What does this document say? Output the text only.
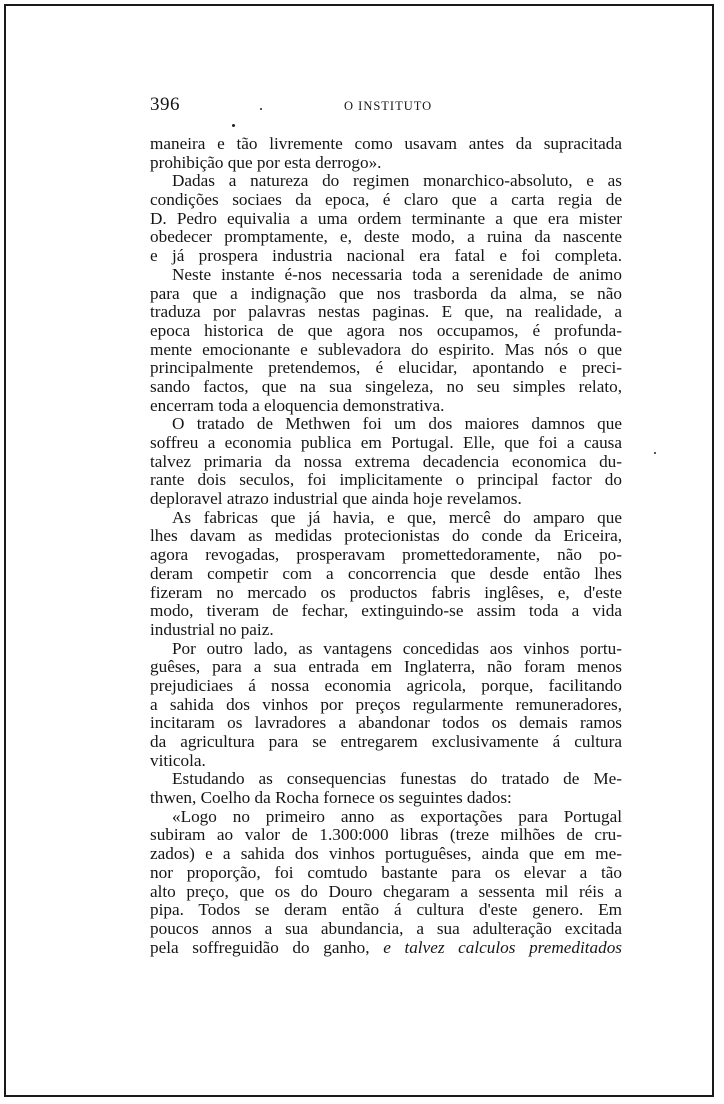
396	O INSTITUTO
maneira e tão livremente como usavam antes da supracitada
prohibição que por esta derrogo».
Dadas a natureza do regimen monarchico-absoluto, e as
condições sociaes da epoca, é claro que a carta regia de
D. Pedro equivalia a uma ordem terminante a que era mister
obedecer promptamente, e, deste modo, a ruina da nascente
e já prospera industria nacional era fatal e foi completa.
Neste instante é-nos necessaria toda a serenidade de animo
para que a indignação que nos trasborda da alma, se não
traduza por palavras nestas paginas. E que, na realidade, a
epoca historica de que agora nos occupamos, é profunda-
mente emocionante e sublevadora do espirito. Mas nós o que
principalmente pretendemos, é elucidar, apontando e preci-
sando factos, que na sua singeleza, no seu simples relato,
encerram toda a eloquencia demonstrativa.
O tratado de Methwen foi um dos maiores damnos que
soffreu a economia publica em Portugal. Elle, que foi a causa
talvez primaria da nossa extrema decadencia economica du-
rante dois seculos, foi implicitamente o principal factor do
deploravel atrazo industrial que ainda hoje revelamos.
As fabricas que já havia, e que, mercê do amparo que
lhes davam as medidas protecionistas do conde da Ericeira,
agora revogadas, prosperavam promettedoramente, não po-
deram competir com a concorrencia que desde então lhes
fizeram no mercado os productos fabris inglêses, e, d'este
modo, tiveram de fechar, extinguindo-se assim toda a vida
industrial no paiz.
Por outro lado, as vantagens concedidas aos vinhos portu-
guêses, para a sua entrada em Inglaterra, não foram menos
prejudiciaes á nossa economia agricola, porque, facilitando
a sahida dos vinhos por preços regularmente remuneradores,
incitaram os lavradores a abandonar todos os demais ramos
da agricultura para se entregarem exclusivamente á cultura
viticola.
Estudando as consequencias funestas do tratado de Me-
thwen, Coelho da Rocha fornece os seguintes dados:
«Logo no primeiro anno as exportações para Portugal
subiram ao valor de 1.300:000 libras (treze milhões de cru-
zados) e a sahida dos vinhos portuguêses, ainda que em me-
nor proporção, foi comtudo bastante para os elevar a tão
alto preço, que os do Douro chegaram a sessenta mil réis a
pipa. Todos se deram então á cultura d'este genero. Em
poucos annos a sua abundancia, a sua adulteração excitada
pela soffreguidão do ganho, e talvez calculos premeditados
